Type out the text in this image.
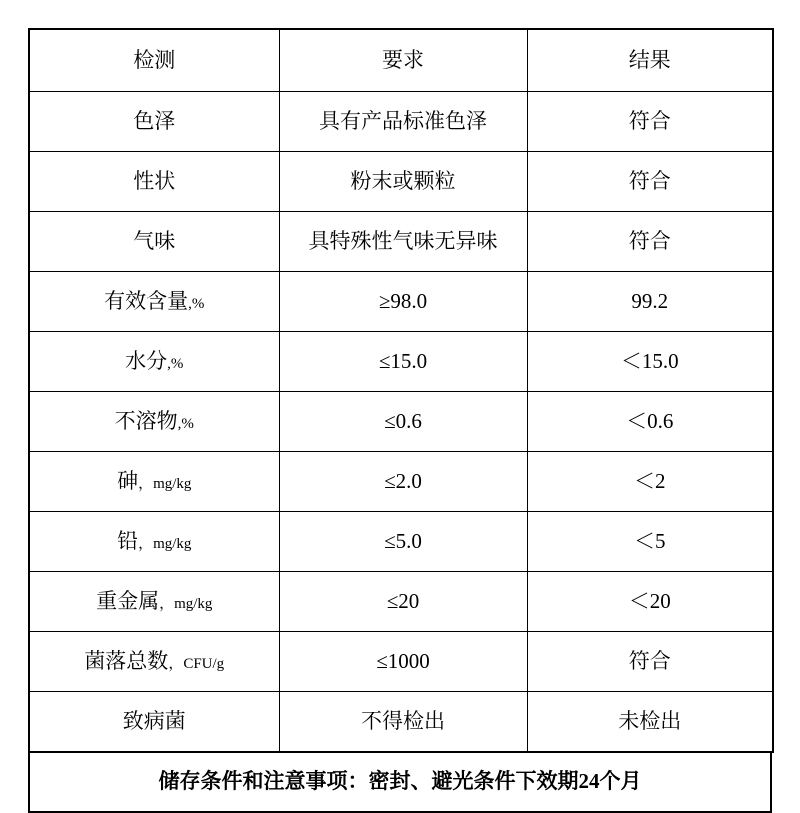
检测	要求	结果
色泽	具有产品标准色泽	符合
性状	粉末或颗粒	符合
气味	具特殊性气味无异味	符合
有效含量,%	≥98.0	99.2
水分,%	≤15.0	＜15.0
不溶物,%	≤0.6	＜0.6
砷，mg/kg	≤2.0	＜2
铅，mg/kg	≤5.0	＜5
重金属，mg/kg	≤20	＜20
菌落总数，CFU/g	≤1000	符合
致病菌	不得检出	未检出
储存条件和注意事项：密封、避光条件下效期24个月
